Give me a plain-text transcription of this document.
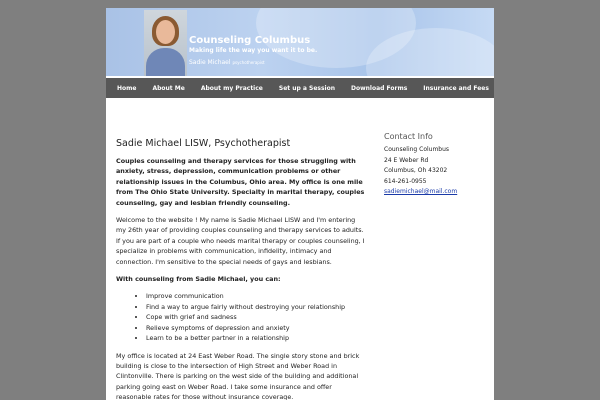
Counseling Columbus
Making life the way you want it to be.
Sadie Michael psychotherapist
Home	About Me	About my Practice	Set up a Session	Download Forms	Insurance and Fees
Sadie Michael LISW, Psychotherapist

Couples counseling and therapy services for those struggling with anxiety, stress, depression, communication problems or other relationship issues in the Columbus, Ohio area. My office is one mile from The Ohio State University. Specialty in marital therapy, couples counseling, gay and lesbian friendly counseling.

Welcome to the website ! My name is Sadie Michael LISW and I'm entering my 26th year of providing couples counseling and therapy services to adults. If you are part of a couple who needs marital therapy or couples counseling, I specialize in problems with communication, infidelity, intimacy and connection. I'm sensitive to the special needs of gays and lesbians.

With counseling from Sadie Michael, you can:

• Improve communication
• Find a way to argue fairly without destroying your relationship
• Cope with grief and sadness
• Relieve symptoms of depression and anxiety
• Learn to be a better partner in a relationship

My office is located at 24 East Weber Road. The single story stone and brick building is close to the intersection of High Street and Weber Road in Clintonville. There is parking on the west side of the building and additional parking going east on Weber Road. I take some insurance and offer reasonable rates for those without insurance coverage.

Contact Info
Counseling Columbus
24 E Weber Rd
Columbus, Oh 43202
614-261-0955
sadiemichael@mail.com
